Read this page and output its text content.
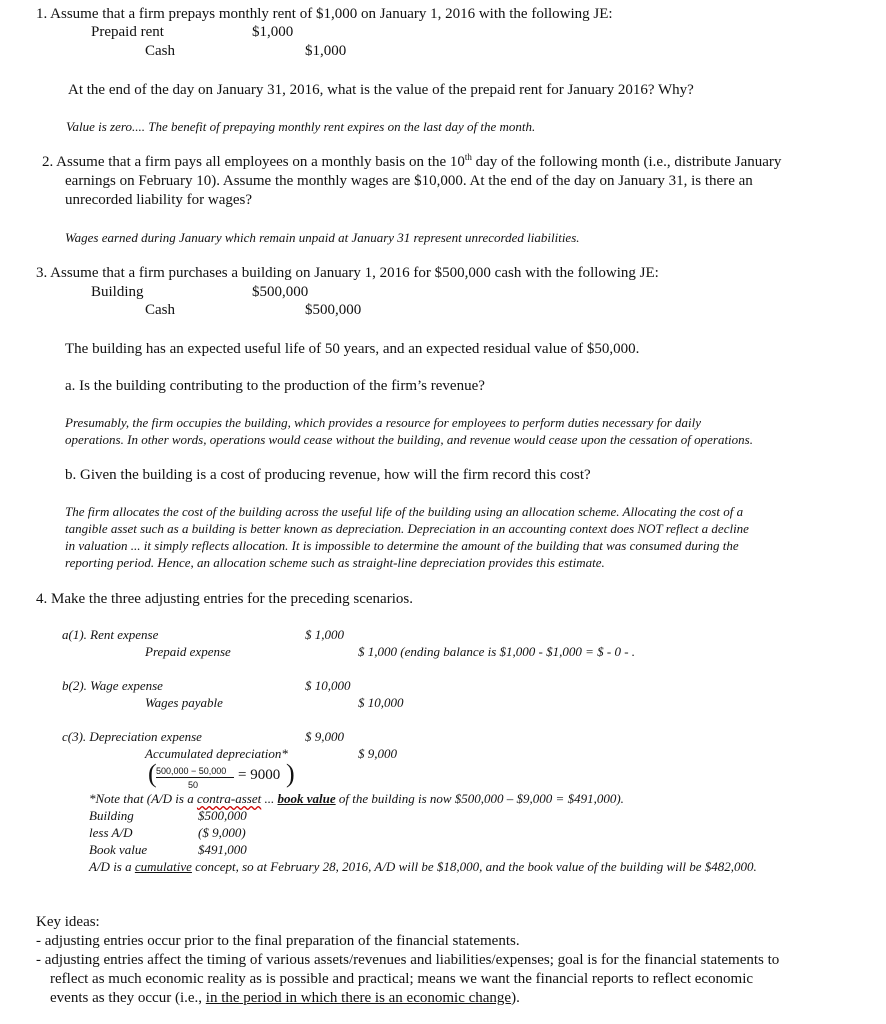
1. Assume that a firm prepays monthly rent of $1,000 on January 1, 2016 with the following JE:
Prepaid rent	$1,000
Cash	$1,000
At the end of the day on January 31, 2016, what is the value of the prepaid rent for January 2016? Why?
Value is zero.... The benefit of prepaying monthly rent expires on the last day of the month.
2. Assume that a firm pays all employees on a monthly basis on the 10th day of the following month (i.e., distribute January
earnings on February 10). Assume the monthly wages are $10,000. At the end of the day on January 31, is there an
unrecorded liability for wages?
Wages earned during January which remain unpaid at January 31 represent unrecorded liabilities.
3. Assume that a firm purchases a building on January 1, 2016 for $500,000 cash with the following JE:
Building	$500,000
Cash	$500,000
The building has an expected useful life of 50 years, and an expected residual value of $50,000.
a. Is the building contributing to the production of the firm’s revenue?
Presumably, the firm occupies the building, which provides a resource for employees to perform duties necessary for daily
operations. In other words, operations would cease without the building, and revenue would cease upon the cessation of operations.
b. Given the building is a cost of producing revenue, how will the firm record this cost?
The firm allocates the cost of the building across the useful life of the building using an allocation scheme. Allocating the cost of a
tangible asset such as a building is better known as depreciation. Depreciation in an accounting context does NOT reflect a decline
in valuation ... it simply reflects allocation. It is impossible to determine the amount of the building that was consumed during the
reporting period. Hence, an allocation scheme such as straight-line depreciation provides this estimate.
4. Make the three adjusting entries for the preceding scenarios.
a(1). Rent expense	$ 1,000
Prepaid expense	$ 1,000 (ending balance is $1,000 - $1,000 = $ - 0 - .
b(2). Wage expense	$ 10,000
Wages payable	$ 10,000
c(3). Depreciation expense	$ 9,000
Accumulated depreciation*	$ 9,000
( 500,000 − 50,000
50
= 9000 )
*Note that (A/D is a contra-asset ... book value of the building is now $500,000 – $9,000 = $491,000).
Building	$500,000
less A/D	($ 9,000)
Book value	$491,000
A/D is a cumulative concept, so at February 28, 2016, A/D will be $18,000, and the book value of the building will be $482,000.
Key ideas:
- adjusting entries occur prior to the final preparation of the financial statements.
- adjusting entries affect the timing of various assets/revenues and liabilities/expenses; goal is for the financial statements to
reflect as much economic reality as is possible and practical; means we want the financial reports to reflect economic
events as they occur (i.e., in the period in which there is an economic change).
